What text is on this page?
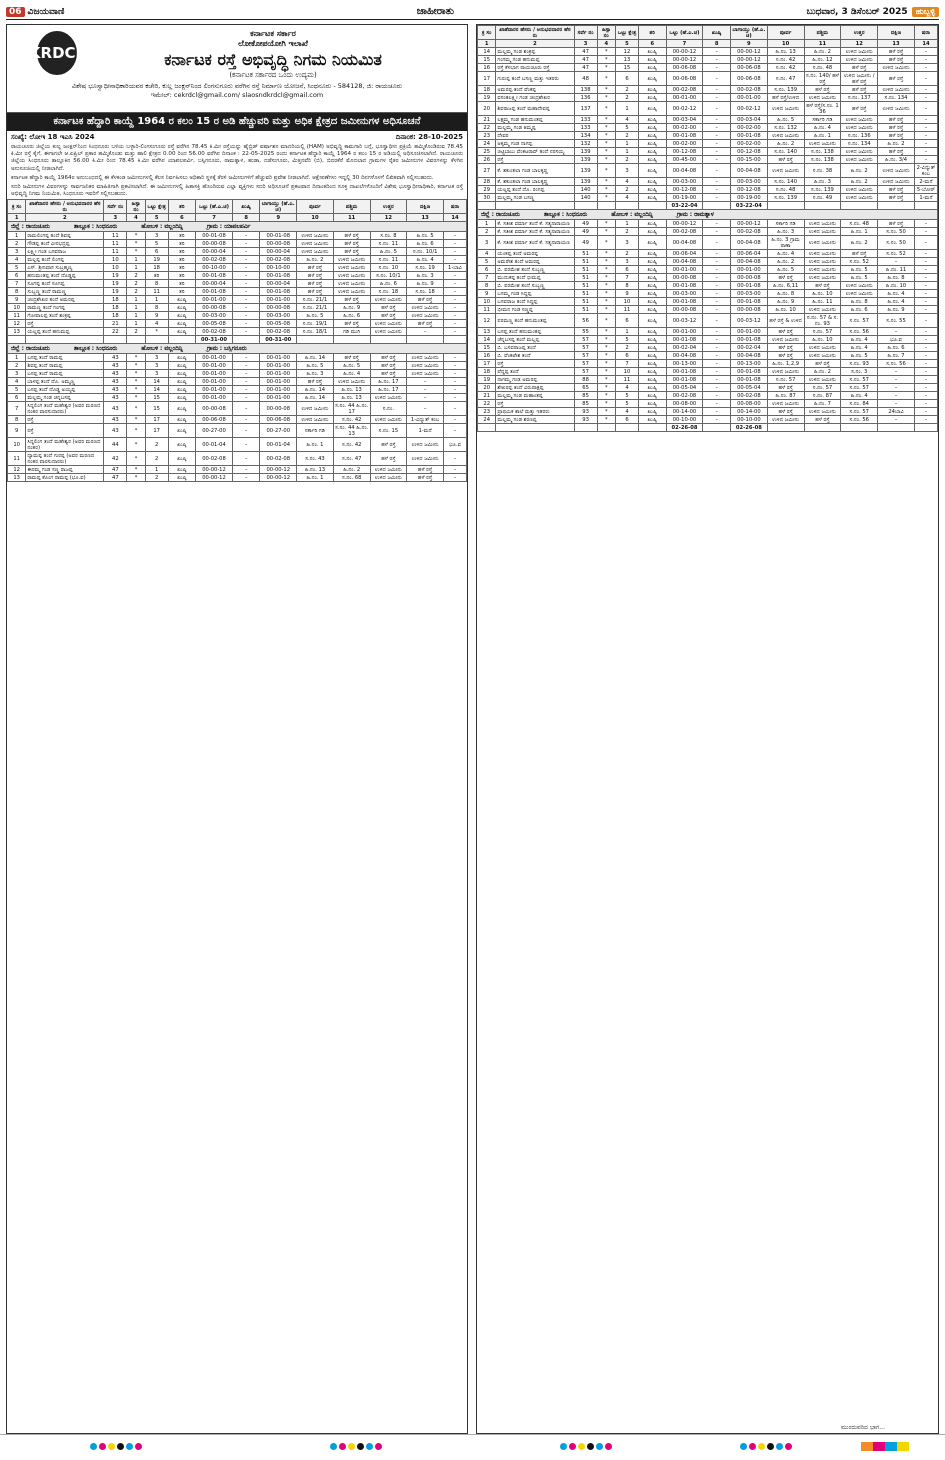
06 ವಿಜಯವಾಣಿ	ಜಾಹೀರಾತು	ಬುಧವಾರ, 3 ಡಿಸೆಂಬರ್ 2025	ಹುಬ್ಬಳ್ಳಿ
KRDCL
ಕರ್ನಾಟಕ ಸರ್ಕಾರ
ಲೋಕೋಪಯೋಗಿ ಇಲಾಖೆ
ಕರ್ನಾಟಕ ರಸ್ತೆ ಅಭಿವೃದ್ಧಿ ನಿಗಮ ನಿಯಮಿತ
(ಕರ್ನಾಟಕ ಸರ್ಕಾರದ ಒಂದು ಉದ್ಯಮ)
ವಿಶೇಷ ಭೂಸ್ವಾಧೀನಾಧಿಕಾರಿಯವರ ಕಚೇರಿ, ಕುಲ್ಲ ಜಂಕ್ಷನ್‌ನಿಂದ ಲಿಂಗಸುಗೂರು ವರೆಗಿನ ರಸ್ತೆ ನಿರ್ಮಾಣ ಯೋಜನೆ, ಸಿಂಧನೂರು - 584128, ಜಿ: ರಾಯಚೂರು
ಇಮೇಲ್: cekrdcl@gmail.com/ slaosndkrdcl@gmail.com
ಕರ್ನಾಟಕ ಹೆದ್ದಾರಿ ಕಾಯ್ದೆ 1964 ರ ಕಲಂ 15 ರ ಅಡಿ ಹೆಚ್ಚುವರಿ ಮತ್ತು ಅಧಿಕ ಕ್ಷೇತ್ರದ ಜಮೀನುಗಳ ಅಧಿಸೂಚನೆ
ಸಂಖ್ಯೆ: ಲೋಇ 18 ಇಎಸಿ 2024	ದಿನಾಂಕ: 28-10-2025
ರಾಯಚೂರು ಜಿಲ್ಲೆಯ ಕುಲ್ಲ ಜಂಕ್ಷನ್‌ನಿಂದ ಸಿಂಧನೂರು ಬಳಿಯ ಬಳ್ಳಾರಿ-ಲಿಂಗಸುಗೂರು ರಸ್ತೆ ವರೆಗಿನ 78.45 ಕಿ.ಮೀ ರಸ್ತೆಯನ್ನು ಹೈಬ್ರಿಡ್ ವರ್ಷಾಶನ ಮಾದರಿಯಲ್ಲಿ (HAM) ಅಭಿವೃದ್ಧಿ ಕಾಮಗಾರಿ ಬಗ್ಗೆ, ಭೂಸ್ವಾಧೀನ ಪ್ರಕ್ರಿಯೆ ಹಮ್ಮಿಕೊಂಡಿರುವ 78.45 ಕಿ.ಮೀ ರಸ್ತೆ ಕೈಗೆ, ಈಗಾಗಲೇ ಆ.ಏಪ್ರಿಲ್ ಪ್ರಕಾರ ಹಮ್ಮಿಕೊಂಡು ಮತ್ತು ಹಾಲಿ ಕ್ಷೇತ್ರದ 0.00 ರಿಂದ 56.00 ವರೆಗಿನ ದಿನಾಂಕ : 22-05-2025 ರಂದು ಕರ್ನಾಟಕ ಹೆದ್ದಾರಿ ಕಾಯ್ದೆ 1964 ರ ಕಲಂ 15 ರ ಅಡಿಯಲ್ಲಿ ಅಧಿಸೂಚಿಸಲಾಗಿದೆ. ರಾಯಚೂರು ಜಿಲ್ಲೆಯ ಸಿಂಧನೂರು ತಾಲ್ಲೂಕಿನ 56.00 ಕಿ.ಮೀ ರಿಂದ 78.45 ಕಿ.ಮೀ ವರೆಗಿನ ಯಾಪಲಪರ್ವಿ, ಬಸ್ಸಿಗನೂರು, ರಾಮತ್ನಾಳ, ಹುಡಾ, ದಡೆಸುಗೂರು, ಮಿತ್ತನವೆರಿ (ಬಿ), ಬಿದರಕೆರೆ ಮೊದಲಾದ ಗ್ರಾಮಗಳ ರೈತರ ಜಮೀನುಗಳ ವಿವರಗಳನ್ನು ಕೆಳಗಿನ ಅನುಸೂಚಿಯಲ್ಲಿ ನೀಡಲಾಗಿದೆ.
ಕರ್ನಾಟಕ ಹೆದ್ದಾರಿ ಕಾಯ್ದೆ 1964ರ ಅನುಬಂಧದಲ್ಲಿ ಈ ಕೆಳಕಂಡ ಜಮೀನುಗಳಲ್ಲಿ ಕೆಲಸ ನಿರ್ವಹಿಸಲು ಅಧಿಕಾರಿ ಸ್ಥಳಕ್ಕೆ ತೆರಳಿ ಜಮೀನುಗಳಿಗೆ ಹೆಚ್ಚುವರಿ ಪ್ರವೇಶ ನೀಡಲಾಗಿದೆ. ಆಕ್ಷೇಪಣೆಗಳು ಇದ್ದಲ್ಲಿ 30 ದಿನಗಳೊಳಗೆ ಲಿಖಿತವಾಗಿ ಸಲ್ಲಿಸಬಹುದು.
ಸದರಿ ಜಮೀನುಗಳ ವಿವರಗಳನ್ನು ಸಾರ್ವಜನಿಕರ ಮಾಹಿತಿಗಾಗಿ ಪ್ರಕಟಿಸಲಾಗಿದೆ. ಈ ಜಮೀನುಗಳಲ್ಲಿ ಹಿತಾಸಕ್ತಿ ಹೊಂದಿರುವ ಎಲ್ಲಾ ವ್ಯಕ್ತಿಗಳು ಸದರಿ ಅಧಿಸೂಚನೆ ಪ್ರಕಟವಾದ ದಿನಾಂಕದಿಂದ ಸೂಕ್ತ ದಾಖಲೆಗಳೊಂದಿಗೆ ವಿಶೇಷ ಭೂಸ್ವಾಧೀನಾಧಿಕಾರಿ, ಕರ್ನಾಟಕ ರಸ್ತೆ ಅಭಿವೃದ್ಧಿ ನಿಗಮ ನಿಯಮಿತ, ಸಿಂಧನೂರು ಇವರಿಗೆ ಸಲ್ಲಿಸಬಹುದು.
ಕ್ರ ಸಂ	ಖಾತೆದಾರರ ಹೆಸರು / ಅನುಭವದಾರರ ಹೆಸರು	ಸರ್ವೆ ನಂ	ಹಿಸ್ಸಾ ನಂ	ಒಟ್ಟು ಕ್ಷೇತ್ರ	ತರಿ	ಒಟ್ಟು (ಹೆ.ಎ.ಚ)	ಖುಷ್ಕಿ	ಬಾಗಾಯ್ತು (ಹೆ.ಎ.ಚ)	ಪೂರ್ವ	ಪಶ್ಚಿಮ	ಉತ್ತರ	ದಕ್ಷಿಣ	ಷರಾ
1	2	3	4	5	6	7	8	9	10	11	12	13	14
ಜಿಲ್ಲೆ : ರಾಯಚೂರು ತಾಲ್ಲೂಕ : ಸಿಂಧನೂರು ಹೋಬಳಿ : ವಲ್ಲಂದಿನ್ನಿ ಗ್ರಾಮ : ಯಾಪಲಪರ್ವಿ													
1	ರಾಮಲಿಂಗಪ್ಪ ತಂದೆ ಶಿವಪ್ಪ	11	*	3	ತರಿ	00-01-08	–	00-01-08	ಉಳಿದ ಜಮೀನು	ಹಳೆ ರಸ್ತೆ	ಸ.ನಂ. 8	ಹಿ.ನಂ. 5	–
2	ಗೌಡಪ್ಪ ತಂದೆ ವೀರಭದ್ರಪ್ಪ	11	*	5	ತರಿ	00-00-08	–	00-00-08	ಉಳಿದ ಜಮೀನು	ಹಳೆ ರಸ್ತೆ	ಸ.ನಂ. 11	ಹಿ.ನಂ. 6	–
3	ಲಕ್ಷ್ಮೀ ಗಂಡ ಬಸವರಾಜ	11	*	6	ತರಿ	00-00-04	–	00-00-04	ಉಳಿದ ಜಮೀನು	ಹಳೆ ರಸ್ತೆ	ಹಿ.ನಂ. 5	ಸ.ನಂ. 10/1	–
4	ಮಲ್ಲಪ್ಪ ತಂದೆ ಲಿಂಗಪ್ಪ	10	1	19	ತರಿ	00-02-08	–	00-02-08	ಹಿ.ನಂ. 2	ಉಳಿದ ಜಮೀನು	ಸ.ನಂ. 11	ಹಿ.ನಂ. 4	–
5	ಎಸ್. ಶ್ರೀನಿವಾಸ ಸುಬ್ರಹ್ಮಣ್ಯ	10	1	18	ತರಿ	00-10-00	–	00-10-00	ಹಳೆ ರಸ್ತೆ	ಉಳಿದ ಜಮೀನು	ಸ.ನಂ. 10	ಸ.ನಂ. 19	1-ಬಾವಿ
6	ಹನುಮಂತಪ್ಪ ತಂದೆ ದೊಡ್ಡಪ್ಪ	19	2	ತರಿ	ತರಿ	00-01-08	–	00-01-08	ಹಳೆ ರಸ್ತೆ	ಉಳಿದ ಜಮೀನು	ಸ.ನಂ. 10/1	ಹಿ.ನಂ. 3	–
7	ಸೂಗಪ್ಪ ತಂದೆ ಸೂಗಪ್ಪ	19	2	8	ತರಿ	00-00-04	–	00-00-04	ಹಳೆ ರಸ್ತೆ	ಉಳಿದ ಜಮೀನು	ಹಿ.ನಂ. 6	ಹಿ.ನಂ. 9	–
8	ಸುಬ್ಬಣ್ಣ ತಂದೆ ರಾಮಣ್ಣ	19	2	11	ತರಿ	00-01-08	–	00-01-08	ಹಳೆ ರಸ್ತೆ	ಉಳಿದ ಜಮೀನು	ಸ.ನಂ. 18	ಸ.ನಂ. 18	–
9	ಚಂದ್ರಶೇಖರ ತಂದೆ ಅಮರಪ್ಪ	18	1	1	ಖುಷ್ಕಿ	00-01-00	–	00-01-00	ಸ.ನಂ. 21/1	ಹಳೆ ರಸ್ತೆ	ಉಳಿದ ಜಮೀನು	ಹಳೆ ರಸ್ತೆ	–
10	ರಾಮಣ್ಣ ತಂದೆ ಗಂಗಪ್ಪ	18	1	8	ಖುಷ್ಕಿ	00-00-08	–	00-00-08	ಸ.ನಂ. 21/1	ಹಿ.ನಂ. 9	ಹಳೆ ರಸ್ತೆ	ಉಳಿದ ಜಮೀನು	–
11	ಗೋಪಾಲಪ್ಪ ತಂದೆ ಶಂಕ್ರಪ್ಪ	18	1	9	ಖುಷ್ಕಿ	00-03-00	–	00-03-00	ಹಿ.ನಂ. 5	ಹಿ.ನಂ. 6	ಹಳೆ ರಸ್ತೆ	ಉಳಿದ ಜಮೀನು	–
12	ರಸ್ತೆ	21	1	4	ಖುಷ್ಕಿ	00-05-08	–	00-05-08	ಸ.ನಂ. 19/1	ಹಳೆ ರಸ್ತೆ	ಉಳಿದ ಜಮೀನು	ಹಳೆ ರಸ್ತೆ	–
13	ಯಲ್ಲಪ್ಪ ತಂದೆ ಹನುಮಪ್ಪ	22	2	*	ಖುಷ್ಕಿ	00-02-08	–	00-02-08	ಸ.ನಂ. 18/1	ಗಡಿ ಮುಗಿ	ಉಳಿದ ಜಮೀನು	–	–
						00-31-00		00-31-00					
ಜಿಲ್ಲೆ : ರಾಯಚೂರು ತಾಲ್ಲೂಕ : ಸಿಂಧನೂರು ಹೋಬಳಿ : ವಲ್ಲಂದಿನ್ನಿ ಗ್ರಾಮ : ಬಸ್ಸಿಗನೂರು													
1	ಬಸಪ್ಪ ತಂದೆ ರಾಮಪ್ಪ	43	*	3	ಖುಷ್ಕಿ	00-01-00	–	00-01-00	ಹಿ.ನಂ. 14	ಹಳೆ ರಸ್ತೆ	ಹಳೆ ರಸ್ತೆ	ಉಳಿದ ಜಮೀನು	–
2	ಶಿವಪ್ಪ ತಂದೆ ರಾಮಪ್ಪ	43	*	3	ಖುಷ್ಕಿ	00-01-00	–	00-01-00	ಹಿ.ನಂ. 5	ಹಿ.ನಂ. 5	ಹಳೆ ರಸ್ತೆ	ಉಳಿದ ಜಮೀನು	–
3	ಬಸಪ್ಪ ತಂದೆ ರಾಮಪ್ಪ	43	*	3	ಖುಷ್ಕಿ	00-01-00	–	00-01-00	ಹಿ.ನಂ. 3	ಹಿ.ನಂ. 4	ಹಳೆ ರಸ್ತೆ	ಉಳಿದ ಜಮೀನು	–
4	ಬಾಳಪ್ಪ ತಂದೆ ದೊ. ಅಮ್ಮಣ್ಣ	43	*	14	ಖುಷ್ಕಿ	00-01-00	–	00-01-00	ಹಳೆ ರಸ್ತೆ	ಉಳಿದ ಜಮೀನು	ಹಿ.ನಂ. 17	–	–
5	ಬಸಪ್ಪ ತಂದೆ ದೊಡ್ಡ ಅಯ್ಯಪ್ಪ	43	*	14	ಖುಷ್ಕಿ	00-01-00	–	00-01-00	ಹಿ.ನಂ. 14	ಹಿ.ನಂ. 13	ಹಿ.ನಂ. 17	–	–
6	ಮಲ್ಲಮ್ಮ ಗಂಡ ಚನ್ನಬಸಪ್ಪ	43	*	15	ಖುಷ್ಕಿ	00-01-00	–	00-01-00	ಹಿ.ನಂ. 14	ಹಿ.ನಂ. 13	ಉಳಿದ ಜಮೀನು	–	–
7	ಸಿದ್ದಲಿಂಗ ತಂದೆ ಮಹೇಶ್ವರ (ಅವರ ಮರಣದ ನಂತರ ವಾರಸುದಾರರು)	43	*	15	ಖುಷ್ಕಿ	00-00-08	–	00-00-08	ಉಳಿದ ಜಮೀನು	ಸ.ನಂ. 44 ಹಿ.ನಂ. 17	ಸ.ನಂ.	–	–
8	ರಸ್ತೆ	43	*	17	ಖುಷ್ಕಿ	00-06-08	–	00-06-08	ಉಳಿದ ಜಮೀನು	ಸ.ನಂ. 42	ಉಳಿದ ಜಮೀನು	1-ವಿದ್ಯುತ್ ಕಂಬ	–
9	ರಸ್ತೆ	43	*	17	ಖುಷ್ಕಿ	00-27-00	–	00-27-00	ಸರ್ಕಾರಿ ಗಡಿ	ಸ.ನಂ. 44 ಹಿ.ನಂ. 13	ಸ.ನಂ. 15	1-ಮನೆ	–
10	ಸಿದ್ದಲಿಂಗ ತಂದೆ ಮಹೇಶ್ವರ (ಅವರ ಮರಣದ ನಂತರ)	44	*	2	ಖುಷ್ಕಿ	00-01-04	–	00-01-04	ಹಿ.ನಂ. 1	ಸ.ನಂ. 42	ಹಳೆ ರಸ್ತೆ	ಉಳಿದ ಜಮೀನು	ಭೂ.ವ
11	ದ್ಯಾಮಪ್ಪ ತಂದೆ ಗುರಪ್ಪ (ಅವರ ಮರಣದ ನಂತರ ವಾರಸುದಾರರು)	42	*	2	ಖುಷ್ಕಿ	00-02-08	–	00-02-08	ಸ.ನಂ. 43	ಸ.ನಂ. 47	ಹಳೆ ರಸ್ತೆ	ಉಳಿದ ಜಮೀನು	–
12	ಈರಮ್ಮ ಗಂಡ ಸಣ್ಣ ರಾಜಪ್ಪ	47	*	1	ಖುಷ್ಕಿ	00-00-12	–	00-00-12	ಹಿ.ನಂ. 13	ಹಿ.ನಂ. 2	ಉಳಿದ ಜಮೀನು	ಹಳೆ ರಸ್ತೆ	–
13	ರಾಮಪ್ಪ ಕೊಂಗ ರಾಮಪ್ಪ (ಭೂ.ವ)	47	*	2	ಖುಷ್ಕಿ	00-00-12	–	00-00-12	ಹಿ.ನಂ. 1	ಸ.ನಂ. 68	ಉಳಿದ ಜಮೀನು	ಹಳೆ ರಸ್ತೆ	–
ಕ್ರ ಸಂ	ಖಾತೆದಾರರ ಹೆಸರು / ಅನುಭವದಾರರ ಹೆಸರು	ಸರ್ವೆ ನಂ	ಹಿಸ್ಸಾ ನಂ	ಒಟ್ಟು ಕ್ಷೇತ್ರ	ತರಿ	ಒಟ್ಟು (ಹೆ.ಎ.ಚ)	ಖುಷ್ಕಿ	ಬಾಗಾಯ್ತು (ಹೆ.ಎ.ಚ)	ಪೂರ್ವ	ಪಶ್ಚಿಮ	ಉತ್ತರ	ದಕ್ಷಿಣ	ಷರಾ
1	2	3	4	5	6	7	8	9	10	11	12	13	14
14	ಮಲ್ಲಮ್ಮ ಗಂಡ ಶಂಕ್ರಪ್ಪ	47	*	12	ಖುಷ್ಕಿ	00-00-12	–	00-00-12	ಹಿ.ನಂ. 13	ಹಿ.ನಂ. 2	ಉಳಿದ ಜಮೀನು	ಹಳೆ ರಸ್ತೆ	–
15	ಗಂಗಮ್ಮ ಗಂಡ ಹನುಮಪ್ಪ	47	*	13	ಖುಷ್ಕಿ	00-00-12	–	00-00-12	ಸ.ನಂ. 42	ಹಿ.ನಂ. 12	ಉಳಿದ ಜಮೀನು	ಹಳೆ ರಸ್ತೆ	–
16	ರಸ್ತೆ ಕೆಳಭಾಗ ರಾಯಚೂರು ರಸ್ತೆ	47	*	15	ಖುಷ್ಕಿ	00-06-08	–	00-06-08	ಸ.ನಂ. 42	ಸ.ನಂ. 48	ಹಳೆ ರಸ್ತೆ	ಉಳಿದ ಜಮೀನು	–
17	ಗುರುಪ್ಪ ತಂದೆ ಬಸಣ್ಣ ಮತ್ತು ಇತರರು	48	*	6	ಖುಷ್ಕಿ	00-06-08	–	00-06-08	ಸ.ನಂ. 47	ಸ.ನಂ. 140/ ಹಳೆ ರಸ್ತೆ	ಉಳಿದ ಜಮೀನು / ಹಳೆ ರಸ್ತೆ	ಹಳೆ ರಸ್ತೆ	–
18	ಅಮರಪ್ಪ ತಂದೆ ವೆಂಕಪ್ಪ	138	*	2	ಖುಷ್ಕಿ	00-02-08	–	00-02-08	ಸ.ನಂ. 139	ಹಳೆ ರಸ್ತೆ	ಹಳೆ ರಸ್ತೆ	ಉಳಿದ ಜಮೀನು	–
19	ವಸಂತಲಕ್ಷ್ಮೀ ಗಂಡ ಚಂದ್ರಶೇಖರ	136	*	2	ಖುಷ್ಕಿ	00-01-00	–	00-01-00	ಹಳೆ ರಸ್ತೆ/ಉಳಿದ	ಉಳಿದ ಜಮೀನು	ಸ.ನಂ. 137	ಸ.ನಂ. 134	–
20	ಶಿವರಾಜಪ್ಪ ತಂದೆ ಮಹಾದೇವಪ್ಪ	137	*	1	ಖುಷ್ಕಿ	00-02-12	–	00-02-12	ಉಳಿದ ಜಮೀನು	ಹಳೆ ರಸ್ತೆ/ಸ.ನಂ. 136	ಹಳೆ ರಸ್ತೆ	ಉಳಿದ ಜಮೀನು	–
21	ಲಕ್ಷ್ಮಮ್ಮ ಗಂಡ ಹನುಮಂತಪ್ಪ	133	*	4	ಖುಷ್ಕಿ	00-03-04	–	00-03-04	ಹಿ.ನಂ. 5	ಸರ್ಕಾರಿ ಗಡಿ	ಉಳಿದ ಜಮೀನು	ಹಳೆ ರಸ್ತೆ	–
22	ಮಲ್ಲಮ್ಮ ಗಂಡ ತಿಮ್ಮಪ್ಪ	133	*	5	ಖುಷ್ಕಿ	00-02-00	–	00-02-00	ಸ.ನಂ. 132	ಹಿ.ನಂ. 4	ಉಳಿದ ಜಮೀನು	ಹಳೆ ರಸ್ತೆ	–
23	ದೇವರ	134	*	2	ಖುಷ್ಕಿ	00-01-08	–	00-01-08	ಉಳಿದ ಜಮೀನು	ಹಿ.ನಂ. 1	ಸ.ನಂ. 136	ಹಳೆ ರಸ್ತೆ	–
24	ಅಕ್ಕಮ್ಮ ಗಂಡ ನಾಗಪ್ಪ	132	*	1	ಖುಷ್ಕಿ	00-02-00	–	00-02-00	ಹಿ.ನಂ. 2	ಉಳಿದ ಜಮೀನು	ಸ.ನಂ. 134	ಹಿ.ನಂ. 2	–
25	ಚಿಟ್ಟಿಬಾಬು ವೆಂಕಟರಾವ್ ತಂದೆ ನರಸಯ್ಯ	139	*	1	ಖುಷ್ಕಿ	00-12-08	–	00-12-08	ಸ.ನಂ. 140	ಸ.ನಂ. 138	ಉಳಿದ ಜಮೀನು	ಹಳೆ ರಸ್ತೆ	–
26	ರಸ್ತೆ	139	*	2	ಖುಷ್ಕಿ	00-45-00	–	00-15-00	ಹಳೆ ರಸ್ತೆ	ಸ.ನಂ. 138	ಉಳಿದ ಜಮೀನು	ಹಿ.ನಂ. 3/4	–
27	ಕೆ. ಶಕುಂತಲಾ ಗಂಡ ಬಾಲಕೃಷ್ಣ	139	*	3	ಖುಷ್ಕಿ	00-04-08	–	00-04-08	ಉಳಿದ ಜಮೀನು	ಸ.ನಂ. 38	ಹಿ.ನಂ. 2	ಉಳಿದ ಜಮೀನು	2-ವಿದ್ಯುತ್ ಕಂಬ
28	ಕೆ. ಶಕುಂತಲಾ ಗಂಡ ಬಾಲಕೃಷ್ಣ	139	*	4	ಖುಷ್ಕಿ	00-03-00	–	00-03-00	ಸ.ನಂ. 140	ಹಿ.ನಂ. 3	ಹಿ.ನಂ. 2	ಉಳಿದ ಜಮೀನು	2-ಮನೆ
29	ಯಲ್ಲಪ್ಪ ತಂದೆ ದೊ. ರಂಗಪ್ಪ	140	*	2	ಖುಷ್ಕಿ	00-12-08	–	00-12-08	ಸ.ನಂ. 48	ಸ.ನಂ. 139	ಉಳಿದ ಜಮೀನು	ಹಳೆ ರಸ್ತೆ	5-ಬೋರ್
30	ಮಲ್ಲಮ್ಮ ಗಂಡ ಬಸಣ್ಣ	140	*	4	ಖುಷ್ಕಿ	00-19-00	–	00-19-00	ಸ.ನಂ. 139	ಸ.ನಂ. 49	ಉಳಿದ ಜಮೀನು	ಹಳೆ ರಸ್ತೆ	1-ಮನೆ
						03-22-04		03-22-04					
ಜಿಲ್ಲೆ : ರಾಯಚೂರು ತಾಲ್ಲೂಕ : ಸಿಂಧನೂರು ಹೋಬಳಿ : ವಲ್ಲಂದಿನ್ನಿ ಗ್ರಾಮ : ರಾಮತ್ನಾಳ													
1	ಕೆ. ಸತೀಶ ವರ್ಮಾ ತಂದೆ ಕೆ. ಸತ್ಯನಾರಾಯಣ	49	*	1	ಖುಷ್ಕಿ	00-00-12	–	00-00-12	ಸರ್ಕಾರಿ ಗಡಿ	ಉಳಿದ ಜಮೀನು	ಸ.ನಂ. 48	ಹಳೆ ರಸ್ತೆ	–
2	ಕೆ. ಸತೀಶ ವರ್ಮಾ ತಂದೆ ಕೆ. ಸತ್ಯನಾರಾಯಣ	49	*	2	ಖುಷ್ಕಿ	00-02-08	–	00-02-08	ಹಿ.ನಂ. 3	ಉಳಿದ ಜಮೀನು	ಹಿ.ನಂ. 1	ಸ.ನಂ. 50	–
3	ಕೆ. ಸತೀಶ ವರ್ಮಾ ತಂದೆ ಕೆ. ಸತ್ಯನಾರಾಯಣ	49	*	3	ಖುಷ್ಕಿ	00-04-08	–	00-04-08	ಹಿ.ನಂ. 3 ಗ್ರಾಮ ಠಾಣಾ	ಉಳಿದ ಜಮೀನು	ಹಿ.ನಂ. 2	ಸ.ನಂ. 50	–
4	ಯಂಕಪ್ಪ ತಂದೆ ಅಮರಪ್ಪ	51	*	2	ಖುಷ್ಕಿ	00-06-04	–	00-06-04	ಹಿ.ನಂ. 4	ಉಳಿದ ಜಮೀನು	ಹಳೆ ರಸ್ತೆ	ಸ.ನಂ. 52	–
5	ಅಮರೇಶ ತಂದೆ ಅಮರಪ್ಪ	51	*	3	ಖುಷ್ಕಿ	00-04-08	–	00-04-08	ಹಿ.ನಂ. 2	ಉಳಿದ ಜಮೀನು	ಸ.ನಂ. 52	–	–
6	ಬಿ. ಪರಮೇಶ ತಂದೆ ಸುಬ್ಬಣ್ಣ	51	*	6	ಖುಷ್ಕಿ	00-01-00	–	00-01-00	ಹಿ.ನಂ. 5	ಉಳಿದ ಜಮೀನು	ಹಿ.ನಂ. 5	ಹಿ.ನಂ. 11	–
7	ಮುದುಕಪ್ಪ ತಂದೆ ಭೀಮಪ್ಪ	51	*	7	ಖುಷ್ಕಿ	00-00-08	–	00-00-08	ಹಳೆ ರಸ್ತೆ	ಉಳಿದ ಜಮೀನು	ಹಿ.ನಂ. 5	ಹಿ.ನಂ. 8	–
8	ಬಿ. ಪರಮೇಶ ತಂದೆ ಸುಬ್ಬಣ್ಣ	51	*	8	ಖುಷ್ಕಿ	00-01-08	–	00-01-08	ಹಿ.ನಂ. 6,11	ಹಳೆ ರಸ್ತೆ	ಉಳಿದ ಜಮೀನು	ಹಿ.ನಂ. 10	–
9	ಬಸಮ್ಮ ಗಂಡ ಸಿದ್ದಪ್ಪ	51	*	9	ಖುಷ್ಕಿ	00-03-00	–	00-03-00	ಹಿ.ನಂ. 8	ಹಿ.ನಂ. 10	ಉಳಿದ ಜಮೀನು	ಹಿ.ನಂ. 4	–
10	ಬಸವರಾಜ ತಂದೆ ಸಿದ್ದಪ್ಪ	51	*	10	ಖುಷ್ಕಿ	00-01-08	–	00-01-08	ಹಿ.ನಂ. 9	ಹಿ.ನಂ. 11	ಹಿ.ನಂ. 8	ಹಿ.ನಂ. 4	–
11	ಭೀಮನ ಗಂಡ ಸಣ್ಣಪ್ಪ	51	*	11	ಖುಷ್ಕಿ	00-00-08	–	00-00-08	ಹಿ.ನಂ. 10	ಉಳಿದ ಜಮೀನು	ಹಿ.ನಂ. 6	ಹಿ.ನಂ. 9	–
12	ಪರಮಣ್ಣ ತಂದೆ ಹನುಮಂತಪ್ಪ	56	*	6	ಖುಷ್ಕಿ	00-03-12	–	00-03-12	ಹಳೆ ರಸ್ತೆ & ಉಳಿದ	ಸ.ನಂ. 57 & ಸ.ನಂ. 93	ಸ.ನಂ. 57	ಸ.ನಂ. 55	–
13	ಬಸಪ್ಪ ತಂದೆ ಹನುಮಂತಪ್ಪ	55	*	1	ಖುಷ್ಕಿ	00-01-00	–	00-01-00	ಹಳೆ ರಸ್ತೆ	ಸ.ನಂ. 57	ಸ.ನಂ. 56	–	–
14	ಚೆನ್ನಬಸಪ್ಪ ತಂದೆ ಮಲ್ಲಪ್ಪ	57	*	5	ಖುಷ್ಕಿ	00-01-08	–	00-01-08	ಉಳಿದ ಜಮೀನು	ಹಿ.ನಂ. 10	ಹಿ.ನಂ. 4	ಭೂ.ವ	–
15	ಬಿ. ಬಸವರಾಜಪ್ಪ ತಂದೆ	57	*	2	ಖುಷ್ಕಿ	00-02-04	–	00-02-04	ಹಳೆ ರಸ್ತೆ	ಉಳಿದ ಜಮೀನು	ಹಿ.ನಂ. 4	ಹಿ.ನಂ. 6	–
16	ಬಿ. ವೆಂಕಟೇಶ ತಂದೆ	57	*	6	ಖುಷ್ಕಿ	00-04-08	–	00-04-08	ಹಳೆ ರಸ್ತೆ	ಉಳಿದ ಜಮೀನು	ಹಿ.ನಂ. 5	ಹಿ.ನಂ. 7	–
17	ರಸ್ತೆ	57	*	7	ಖುಷ್ಕಿ	00-13-00	–	00-13-00	ಹಿ.ನಂ. 1,2,9	ಹಳೆ ರಸ್ತೆ	ಸ.ನಂ. 93	ಸ.ನಂ. 56	–
18	ಪೆದ್ದಪ್ಪ ತಂದೆ	57	*	10	ಖುಷ್ಕಿ	00-01-08	–	00-01-08	ಉಳಿದ ಜಮೀನು	ಹಿ.ನಂ. 2	ಸ.ನಂ. 3	–	–
19	ನಾಗಮ್ಮ ಗಂಡ ಅಮರಪ್ಪ	88	*	11	ಖುಷ್ಕಿ	00-01-08	–	00-01-08	ಸ.ನಂ. 57	ಉಳಿದ ಜಮೀನು	ಸ.ನಂ. 57	–	–
20	ಶೇಖರಪ್ಪ ತಂದೆ ವಿರುಪಾಕ್ಷಪ್ಪ	65	*	4	ಖುಷ್ಕಿ	00-05-04	–	00-05-04	ಹಳೆ ರಸ್ತೆ	ಸ.ನಂ. 57	ಸ.ನಂ. 57	–	–
21	ಮಲ್ಲಮ್ಮ ಗಂಡ ಮಹಾಂತಪ್ಪ	85	*	5	ಖುಷ್ಕಿ	00-02-08	–	00-02-08	ಹಿ.ನಂ. 87	ಸ.ನಂ. 87	ಹಿ.ನಂ. 4	–	–
22	ರಸ್ತೆ	85	*	5	ಖುಷ್ಕಿ	00-08-00	–	00-08-00	ಉಳಿದ ಜಮೀನು	ಹಿ.ನಂ. 7	ಸ.ನಂ. 84	–	–
23	ಪ್ರಾಥಮಿಕ ಶಾಲೆ ಮತ್ತು ಇತರರು	93	*	4	ಖುಷ್ಕಿ	00-14-00	–	00-14-00	ಹಳೆ ರಸ್ತೆ	ಉಳಿದ ಜಮೀನು	ಸ.ನಂ. 57	24ಬಾವಿ	–
24	ಮಲ್ಲಮ್ಮ ಗಂಡ ಶರಣಪ್ಪ	93	*	6	ಖುಷ್ಕಿ	00-10-00	–	00-10-00	ಉಳಿದ ಜಮೀನು	ಹಳೆ ರಸ್ತೆ	ಸ.ನಂ. 56	–	–
						02-26-08		02-26-08					
ಮುಂದುವರಿದ ಭಾಗ...
